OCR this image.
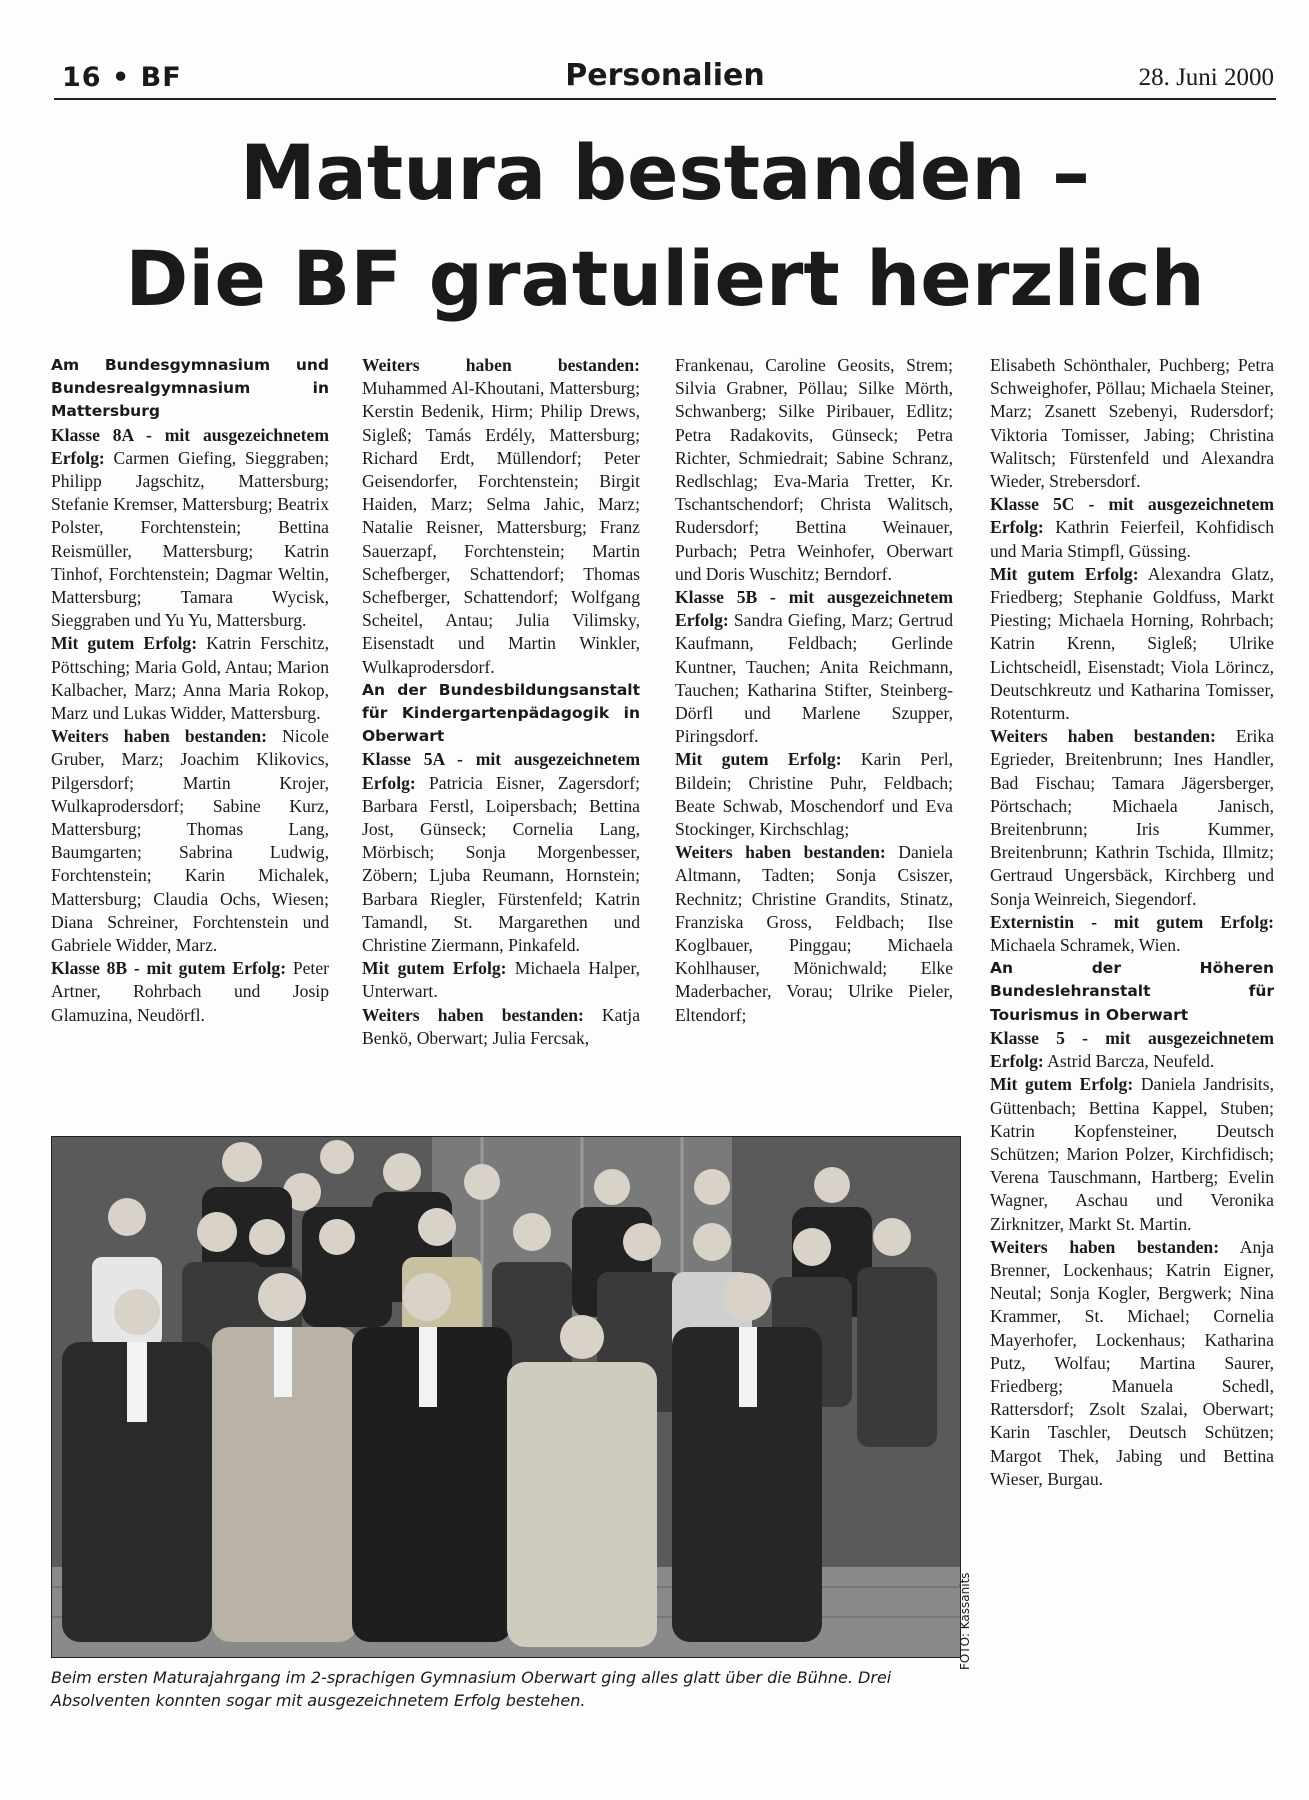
16 • BF	Personalien	28. Juni 2000
Matura bestanden –
Die BF gratuliert herzlich

Am Bundesgymnasium und Bundesrealgymnasium in Mattersburg

Klasse 8A - mit ausgezeichnetem Erfolg: Carmen Giefing, Sieggraben; Philipp Jagschitz, Mattersburg; Stefanie Kremser, Mattersburg; Beatrix Polster, Forchtenstein; Bettina Reismüller, Mattersburg; Katrin Tinhof, Forchtenstein; Dagmar Weltin, Mattersburg; Tamara Wycisk, Sieggraben und Yu Yu, Mattersburg.

Mit gutem Erfolg: Katrin Ferschitz, Pöttsching; Maria Gold, Antau; Marion Kalbacher, Marz; Anna Maria Rokop, Marz und Lukas Widder, Mattersburg.

Weiters haben bestanden: Nicole Gruber, Marz; Joachim Klikovics, Pilgersdorf; Martin Krojer, Wulkaprodersdorf; Sabine Kurz, Mattersburg; Thomas Lang, Baumgarten; Sabrina Ludwig, Forchtenstein; Karin Michalek, Mattersburg; Claudia Ochs, Wiesen; Diana Schreiner, Forchtenstein und Gabriele Widder, Marz.

Klasse 8B - mit gutem Erfolg: Peter Artner, Rohrbach und Josip Glamuzina, Neudörfl.

Weiters haben bestanden: Muhammed Al-Khoutani, Mattersburg; Kerstin Bedenik, Hirm; Philip Drews, Sigleß; Tamás Erdély, Mattersburg; Richard Erdt, Müllendorf; Peter Geisendorfer, Forchtenstein; Birgit Haiden, Marz; Selma Jahic, Marz; Natalie Reisner, Mattersburg; Franz Sauerzapf, Forchtenstein; Martin Schefberger, Schattendorf; Thomas Schefberger, Schattendorf; Wolfgang Scheitel, Antau; Julia Vilimsky, Eisenstadt und Martin Winkler, Wulkaprodersdorf.

An der Bundesbildungsanstalt für Kindergartenpädagogik in Oberwart

Klasse 5A - mit ausgezeichnetem Erfolg: Patricia Eisner, Zagersdorf; Barbara Ferstl, Loipersbach; Bettina Jost, Günseck; Cornelia Lang, Mörbisch; Sonja Morgenbesser, Zöbern; Ljuba Reumann, Hornstein; Barbara Riegler, Fürstenfeld; Katrin Tamandl, St. Margarethen und Christine Ziermann, Pinkafeld.

Mit gutem Erfolg: Michaela Halper, Unterwart.

Weiters haben bestanden: Katja Benkö, Oberwart; Julia Fercsak,

Frankenau, Caroline Geosits, Strem; Silvia Grabner, Pöllau; Silke Mörth, Schwanberg; Silke Piribauer, Edlitz; Petra Radakovits, Günseck; Petra Richter, Schmiedrait; Sabine Schranz, Redlschlag; Eva-Maria Tretter, Kr. Tschantschendorf; Christa Walitsch, Rudersdorf; Bettina Weinauer, Purbach; Petra Weinhofer, Oberwart und Doris Wuschitz; Berndorf.

Klasse 5B - mit ausgezeichnetem Erfolg: Sandra Giefing, Marz; Gertrud Kaufmann, Feldbach; Gerlinde Kuntner, Tauchen; Anita Reichmann, Tauchen; Katharina Stifter, Steinberg-Dörfl und Marlene Szupper, Piringsdorf.

Mit gutem Erfolg: Karin Perl, Bildein; Christine Puhr, Feldbach; Beate Schwab, Moschendorf und Eva Stockinger, Kirchschlag;

Weiters haben bestanden: Daniela Altmann, Tadten; Sonja Csiszer, Rechnitz; Christine Grandits, Stinatz, Franziska Gross, Feldbach; Ilse Koglbauer, Pinggau; Michaela Kohlhauser, Mönichwald; Elke Maderbacher, Vorau; Ulrike Pieler, Eltendorf;

Elisabeth Schönthaler, Puchberg; Petra Schweighofer, Pöllau; Michaela Steiner, Marz; Zsanett Szebenyi, Rudersdorf; Viktoria Tomisser, Jabing; Christina Walitsch; Fürstenfeld und Alexandra Wieder, Strebersdorf.

Klasse 5C - mit ausgezeichnetem Erfolg: Kathrin Feierfeil, Kohfidisch und Maria Stimpfl, Güssing.

Mit gutem Erfolg: Alexandra Glatz, Friedberg; Stephanie Goldfuss, Markt Piesting; Michaela Horning, Rohrbach; Katrin Krenn, Sigleß; Ulrike Lichtscheidl, Eisenstadt; Viola Lörincz, Deutschkreutz und Katharina Tomisser, Rotenturm.

Weiters haben bestanden: Erika Egrieder, Breitenbrunn; Ines Handler, Bad Fischau; Tamara Jägersberger, Pörtschach; Michaela Janisch, Breitenbrunn; Iris Kummer, Breitenbrunn; Kathrin Tschida, Illmitz; Gertraud Ungersbäck, Kirchberg und Sonja Weinreich, Siegendorf.

Externistin - mit gutem Erfolg: Michaela Schramek, Wien.

An der Höheren Bundeslehranstalt für Tourismus in Oberwart

Klasse 5 - mit ausgezeichnetem Erfolg: Astrid Barcza, Neufeld.

Mit gutem Erfolg: Daniela Jandrisits, Güttenbach; Bettina Kappel, Stuben; Katrin Kopfensteiner, Deutsch Schützen; Marion Polzer, Kirchfidisch; Verena Tauschmann, Hartberg; Evelin Wagner, Aschau und Veronika Zirknitzer, Markt St. Martin.

Weiters haben bestanden: Anja Brenner, Lockenhaus; Katrin Eigner, Neutal; Sonja Kogler, Bergwerk; Nina Krammer, St. Michael; Cornelia Mayerhofer, Lockenhaus; Katharina Putz, Wolfau; Martina Saurer, Friedberg; Manuela Schedl, Rattersdorf; Zsolt Szalai, Oberwart; Karin Taschler, Deutsch Schützen; Margot Thek, Jabing und Bettina Wieser, Burgau.

FOTO: Kassanits
Beim ersten Maturajahrgang im 2-sprachigen Gymnasium Oberwart ging alles glatt über die Bühne. Drei Absolventen konnten sogar mit ausgezeichnetem Erfolg bestehen.
